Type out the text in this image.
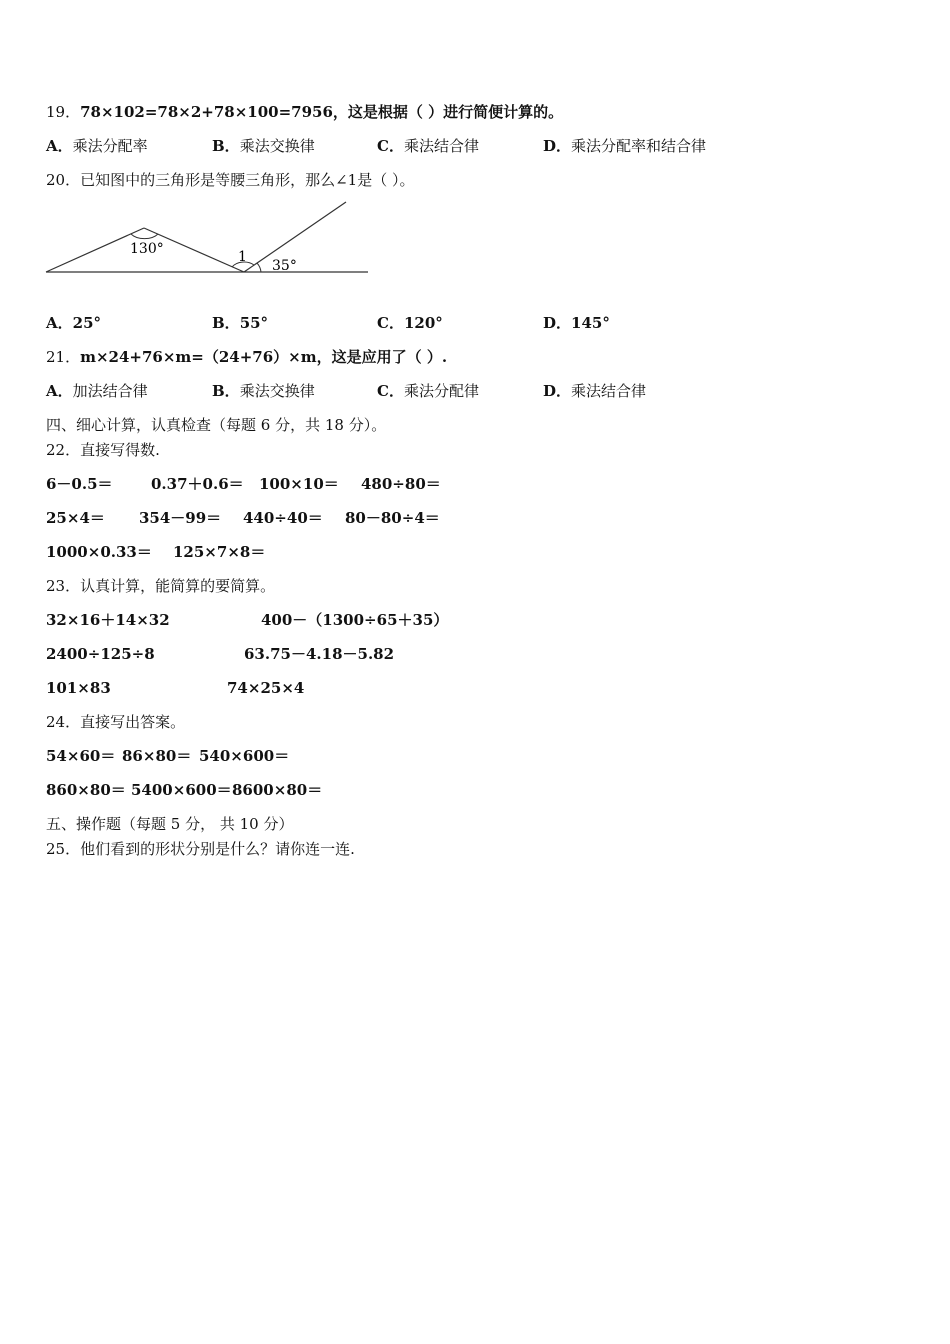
19．78×102=78×2+78×100=7956，这是根据（ ）进行简便计算的。
A．乘法分配率	B．乘法交换律	C．乘法结合律	D．乘法分配率和结合律
20．已知图中的三角形是等腰三角形，那么∠1是（ ）。
130°	1
35°
A．25°	B．55°	C．120°	D．145°
21．m×24+76×m=（24+76）×m，这是应用了（ ）.
A．加法结合律	B．乘法交换律	C．乘法分配律	D．乘法结合律
四、细心计算，认真检查（每题 6 分，共 18 分）。
22．直接写得数.
6－0.5＝	0.37＋0.6＝ 100×10＝ 480÷80＝
25×4＝ 354－99＝ 440÷40＝ 80－80÷4＝
1000×0.33＝ 125×7×8＝
23．认真计算，能简算的要简算。
32×16＋14×32	400－（1300÷65＋35）
2400÷125÷8	63.75－4.18－5.82
101×83	74×25×4
24．直接写出答案。
54×60＝ 86×80＝ 540×600＝
860×80＝ 5400×600＝ 8600×80＝
五、操作题（每题 5 分， 共 10 分）
25．他们看到的形状分别是什么？请你连一连.
